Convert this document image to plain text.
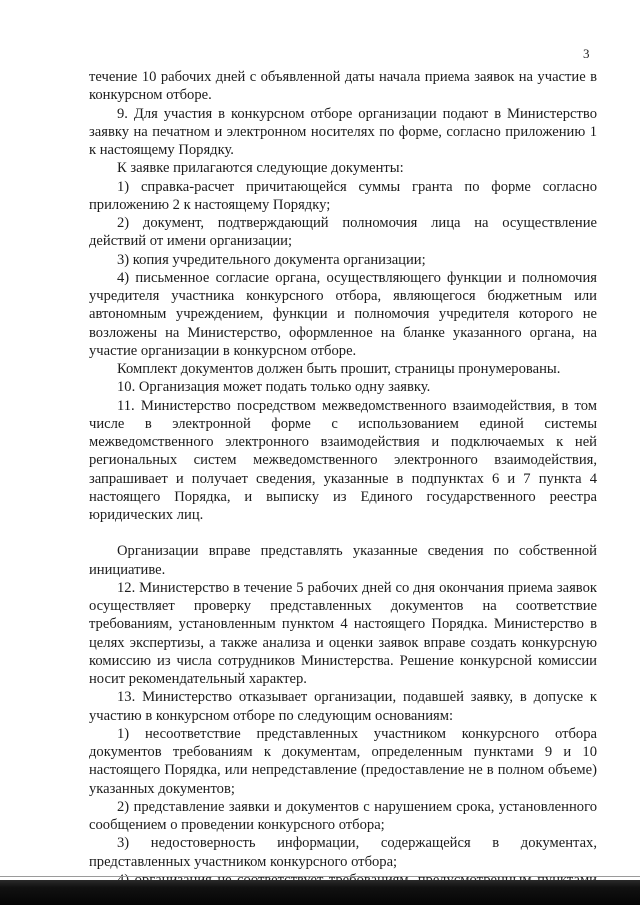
3

течение 10 рабочих дней с объявленной даты начала приема заявок на участие в конкурсном отборе.

9. Для участия в конкурсном отборе организации подают в Министерство заявку на печатном и электронном носителях по форме, согласно приложению 1 к настоящему Порядку.

К заявке прилагаются следующие документы:

1) справка-расчет причитающейся суммы гранта по форме согласно приложению 2 к настоящему Порядку;

2) документ, подтверждающий полномочия лица на осуществление действий от имени организации;

3) копия учредительного документа организации;

4) письменное согласие органа, осуществляющего функции и полномочия учредителя участника конкурсного отбора, являющегося бюджетным или автономным учреждением, функции и полномочия учредителя которого не возложены на Министерство, оформленное на бланке указанного органа, на участие организации в конкурсном отборе.

Комплект документов должен быть прошит, страницы пронумерованы.

10. Организация может подать только одну заявку.

11. Министерство посредством межведомственного взаимодействия, в том числе в электронной форме с использованием единой системы межведомственного электронного взаимодействия и подключаемых к ней региональных систем межведомственного электронного взаимодействия, запрашивает и получает сведения, указанные в подпунктах 6 и 7 пункта 4 настоящего Порядка, и выписку из Единого государственного реестра юридических лиц.

Организации вправе представлять указанные сведения по собственной инициативе.

12. Министерство в течение 5 рабочих дней со дня окончания приема заявок осуществляет проверку представленных документов на соответствие требованиям, установленным пунктом 4 настоящего Порядка. Министерство в целях экспертизы, а также анализа и оценки заявок вправе создать конкурсную комиссию из числа сотрудников Министерства. Решение конкурсной комиссии носит рекомендательный характер.

13. Министерство отказывает организации, подавшей заявку, в допуске к участию в конкурсном отборе по следующим основаниям:

1) несоответствие представленных участником конкурсного отбора документов требованиям к документам, определенным пунктами 9 и 10 настоящего Порядка, или непредставление (предоставление не в полном объеме) указанных документов;

2) представление заявки и документов с нарушением срока, установленного сообщением о проведении конкурсного отбора;

3) недостоверность информации, содержащейся в документах, представленных участником конкурсного отбора;
